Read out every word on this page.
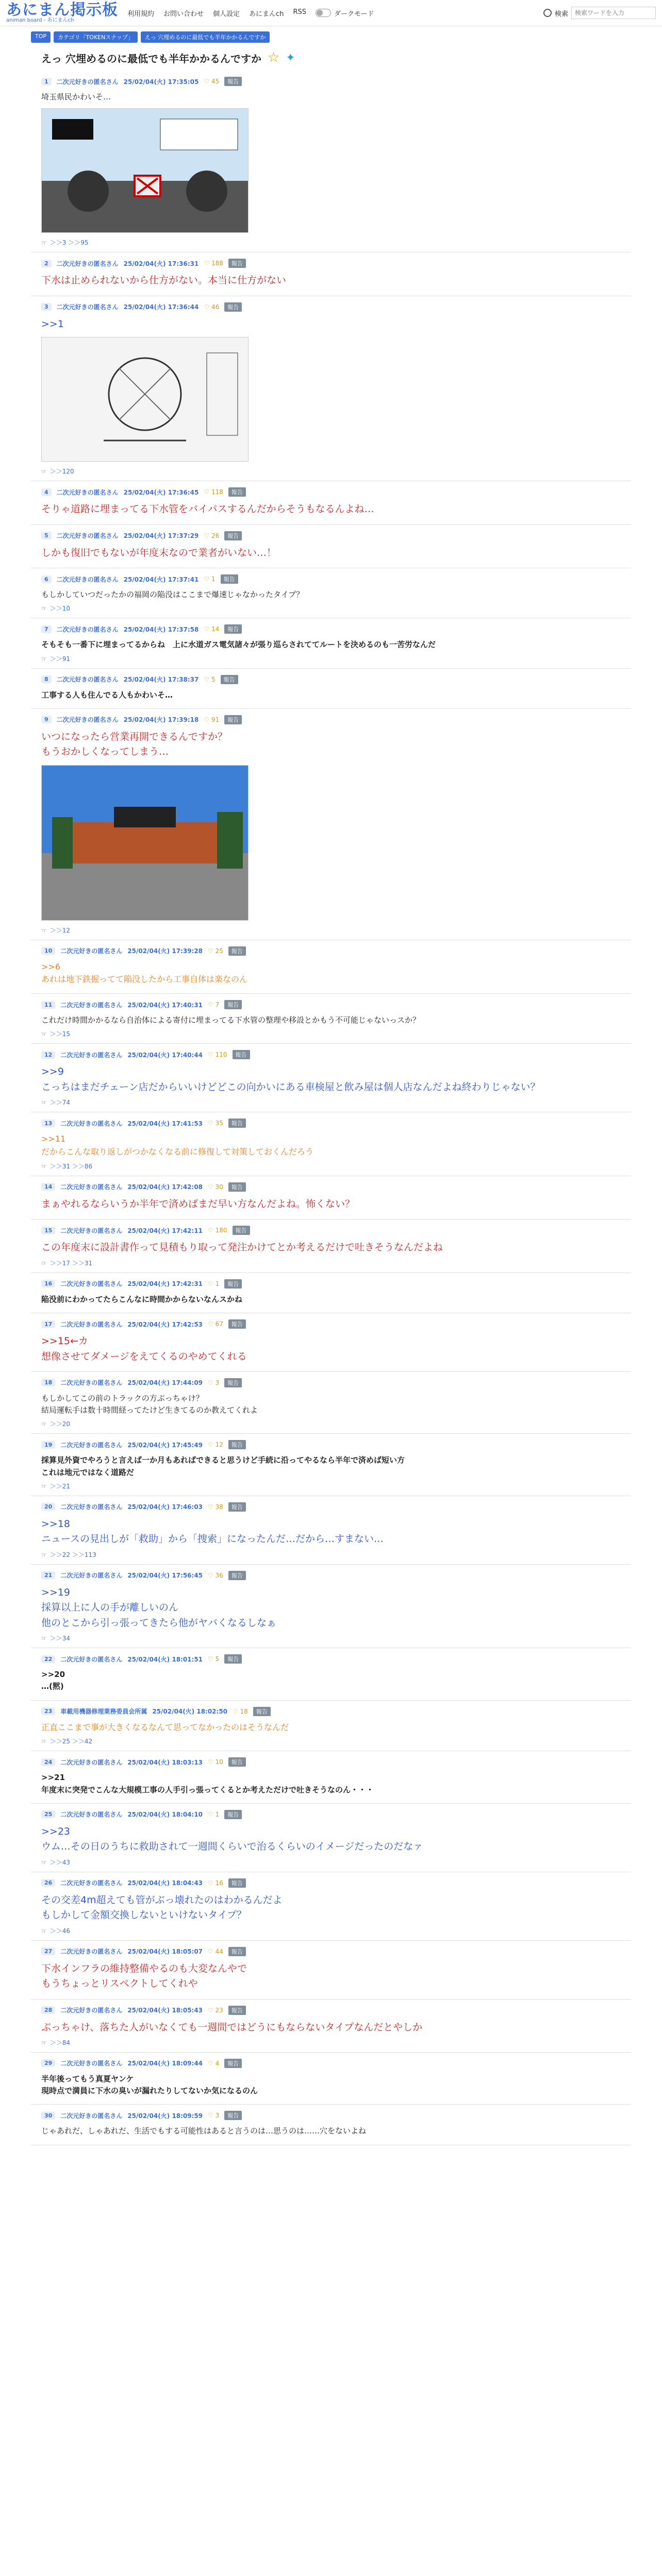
あにまん掲示板
animan board - あにまんch
利用規約 お問い合わせ 個人設定 あにまんch RSS	ダークモード	検索
検索ワードを入力
TOP	カテゴリ「TOKENスナップ」	えっ 穴埋めるのに最低でも半年かかるんですか
えっ 穴埋めるのに最低でも半年かかるんですか ☆ ✦
1	二次元好きの匿名さん 25/02/04(火) 17:35:05 ♡ 45	報告
埼玉県民かわいそ…
☞ ＞＞3 ＞＞95
2	二次元好きの匿名さん 25/02/04(火) 17:36:31 ♡ 188	報告
下水は止められないから仕方がない。本当に仕方がない
3	二次元好きの匿名さん 25/02/04(火) 17:36:44 ♡ 46	報告
>>1
☞ ＞＞120
4	二次元好きの匿名さん 25/02/04(火) 17:36:45 ♡ 118	報告
そりゃ道路に埋まってる下水管をバイパスするんだからそうもなるんよね…
5	二次元好きの匿名さん 25/02/04(火) 17:37:29 ♡ 26	報告
しかも復旧でもないが年度末なので業者がいない…！
6	二次元好きの匿名さん 25/02/04(火) 17:37:41 ♡ 1	報告
もしかしていつだったかの福岡の陥没はここまで爆速じゃなかったタイプ？
☞ ＞＞10
7	二次元好きの匿名さん 25/02/04(火) 17:37:58 ♡ 14	報告
そもそも一番下に埋まってるからね　上に水道ガス電気諸々が張り巡らされててルートを決めるのも一苦労なんだ
☞ ＞＞91
8	二次元好きの匿名さん 25/02/04(火) 17:38:37 ♡ 5	報告
工事する人も住んでる人もかわいそ…
9	二次元好きの匿名さん 25/02/04(火) 17:39:18 ♡ 91	報告
いつになったら営業再開できるんですか？
もうおかしくなってしまう…
☞ ＞＞12
10	二次元好きの匿名さん 25/02/04(火) 17:39:28 ♡ 25	報告
>>6
あれは地下鉄掘ってて陥没したから工事自体は楽なのん
11	二次元好きの匿名さん 25/02/04(火) 17:40:31 ♡ 7	報告
これだけ時間かかるなら自治体による寄付に埋まってる下水管の整理や移設とかもう不可能じゃないっスか？
☞ ＞＞15
12	二次元好きの匿名さん 25/02/04(火) 17:40:44 ♡ 110	報告
>>9
こっちはまだチェーン店だからいいけどどこの向かいにある車検屋と飲み屋は個人店なんだよね終わりじゃない？
☞ ＞＞74
13	二次元好きの匿名さん 25/02/04(火) 17:41:53 ♡ 35	報告
>>11
だからこんな取り返しがつかなくなる前に修復して対策しておくんだろう
☞ ＞＞31 ＞＞86
14	二次元好きの匿名さん 25/02/04(火) 17:42:08 ♡ 30	報告
まぁやれるならいうか半年で済めばまだ早い方なんだよね。怖くない？
15	二次元好きの匿名さん 25/02/04(火) 17:42:11 ♡ 180	報告
この年度末に設計書作って見積もり取って発注かけてとか考えるだけで吐きそうなんだよね
☞ ＞＞17 ＞＞31
16	二次元好きの匿名さん 25/02/04(火) 17:42:31 ♡ 1	報告
陥没前にわかってたらこんなに時間かからないなんスかね
17	二次元好きの匿名さん 25/02/04(火) 17:42:53 ♡ 67	報告
>>15←カ
想像させてダメージをえてくるのやめてくれる
18	二次元好きの匿名さん 25/02/04(火) 17:44:09 ♡ 3	報告
もしかしてこの前のトラックの方ぶっちゃけ？
結局運転手は数十時間経ってたけど生きてるのか教えてくれよ
☞ ＞＞20
19	二次元好きの匿名さん 25/02/04(火) 17:45:49 ♡ 12	報告
採算見外資でやろうと言えば一か月もあればできると思うけど手続に沿ってやるなら半年で済めば短い方
これは地元ではなく道路だ
☞ ＞＞21
20	二次元好きの匿名さん 25/02/04(火) 17:46:03 ♡ 38	報告
>>18
ニュースの見出しが「救助」から「捜索」になったんだ…だから…すまない…
☞ ＞＞22 ＞＞113
21	二次元好きの匿名さん 25/02/04(火) 17:56:45 ♡ 36	報告
>>19
採算以上に人の手が離しいのん
他のとこから引っ張ってきたら他がヤバくなるしなぁ
☞ ＞＞34
22	二次元好きの匿名さん 25/02/04(火) 18:01:51 ♡ 5	報告
>>20
…(黙)
23	車載用機器修理業務委員会所属 25/02/04(火) 18:02:50 ♡ 18	報告
正直ここまで事が大きくなるなんて思ってなかったのはそうなんだ
☞ ＞＞25 ＞＞42
24	二次元好きの匿名さん 25/02/04(火) 18:03:13 ♡ 10	報告
>>21
年度末に突発でこんな大規模工事の人手引っ張ってくるとか考えただけで吐きそうなのん・・・
25	二次元好きの匿名さん 25/02/04(火) 18:04:10 ♡ 1	報告
>>23
ウム…その日のうちに救助されて一週間くらいで治るくらいのイメージだったのだなァ
☞ ＞＞43
26	二次元好きの匿名さん 25/02/04(火) 18:04:43 ♡ 16	報告
その交差4m超えても管がぶっ壊れたのはわかるんだよ
もしかして金額交換しないといけないタイプ？
☞ ＞＞46
27	二次元好きの匿名さん 25/02/04(火) 18:05:07 ♡ 44	報告
下水インフラの維持整備やるのも大変なんやで
もうちょっとリスペクトしてくれや
28	二次元好きの匿名さん 25/02/04(火) 18:05:43 ♡ 23	報告
ぶっちゃけ、落ちた人がいなくても一週間ではどうにもならないタイプなんだとやしか
☞ ＞＞84
29	二次元好きの匿名さん 25/02/04(火) 18:09:44 ♡ 4	報告
半年後ってもう真夏ヤンケ
現時点で満員に下水の臭いが漏れたりしてないか気になるのん
30	二次元好きの匿名さん 25/02/04(火) 18:09:59 ♡ 3	報告
じゃあれだ、しゃあれだ、生活でもする可能性はあると言うのは…思うのは……穴をないよね
